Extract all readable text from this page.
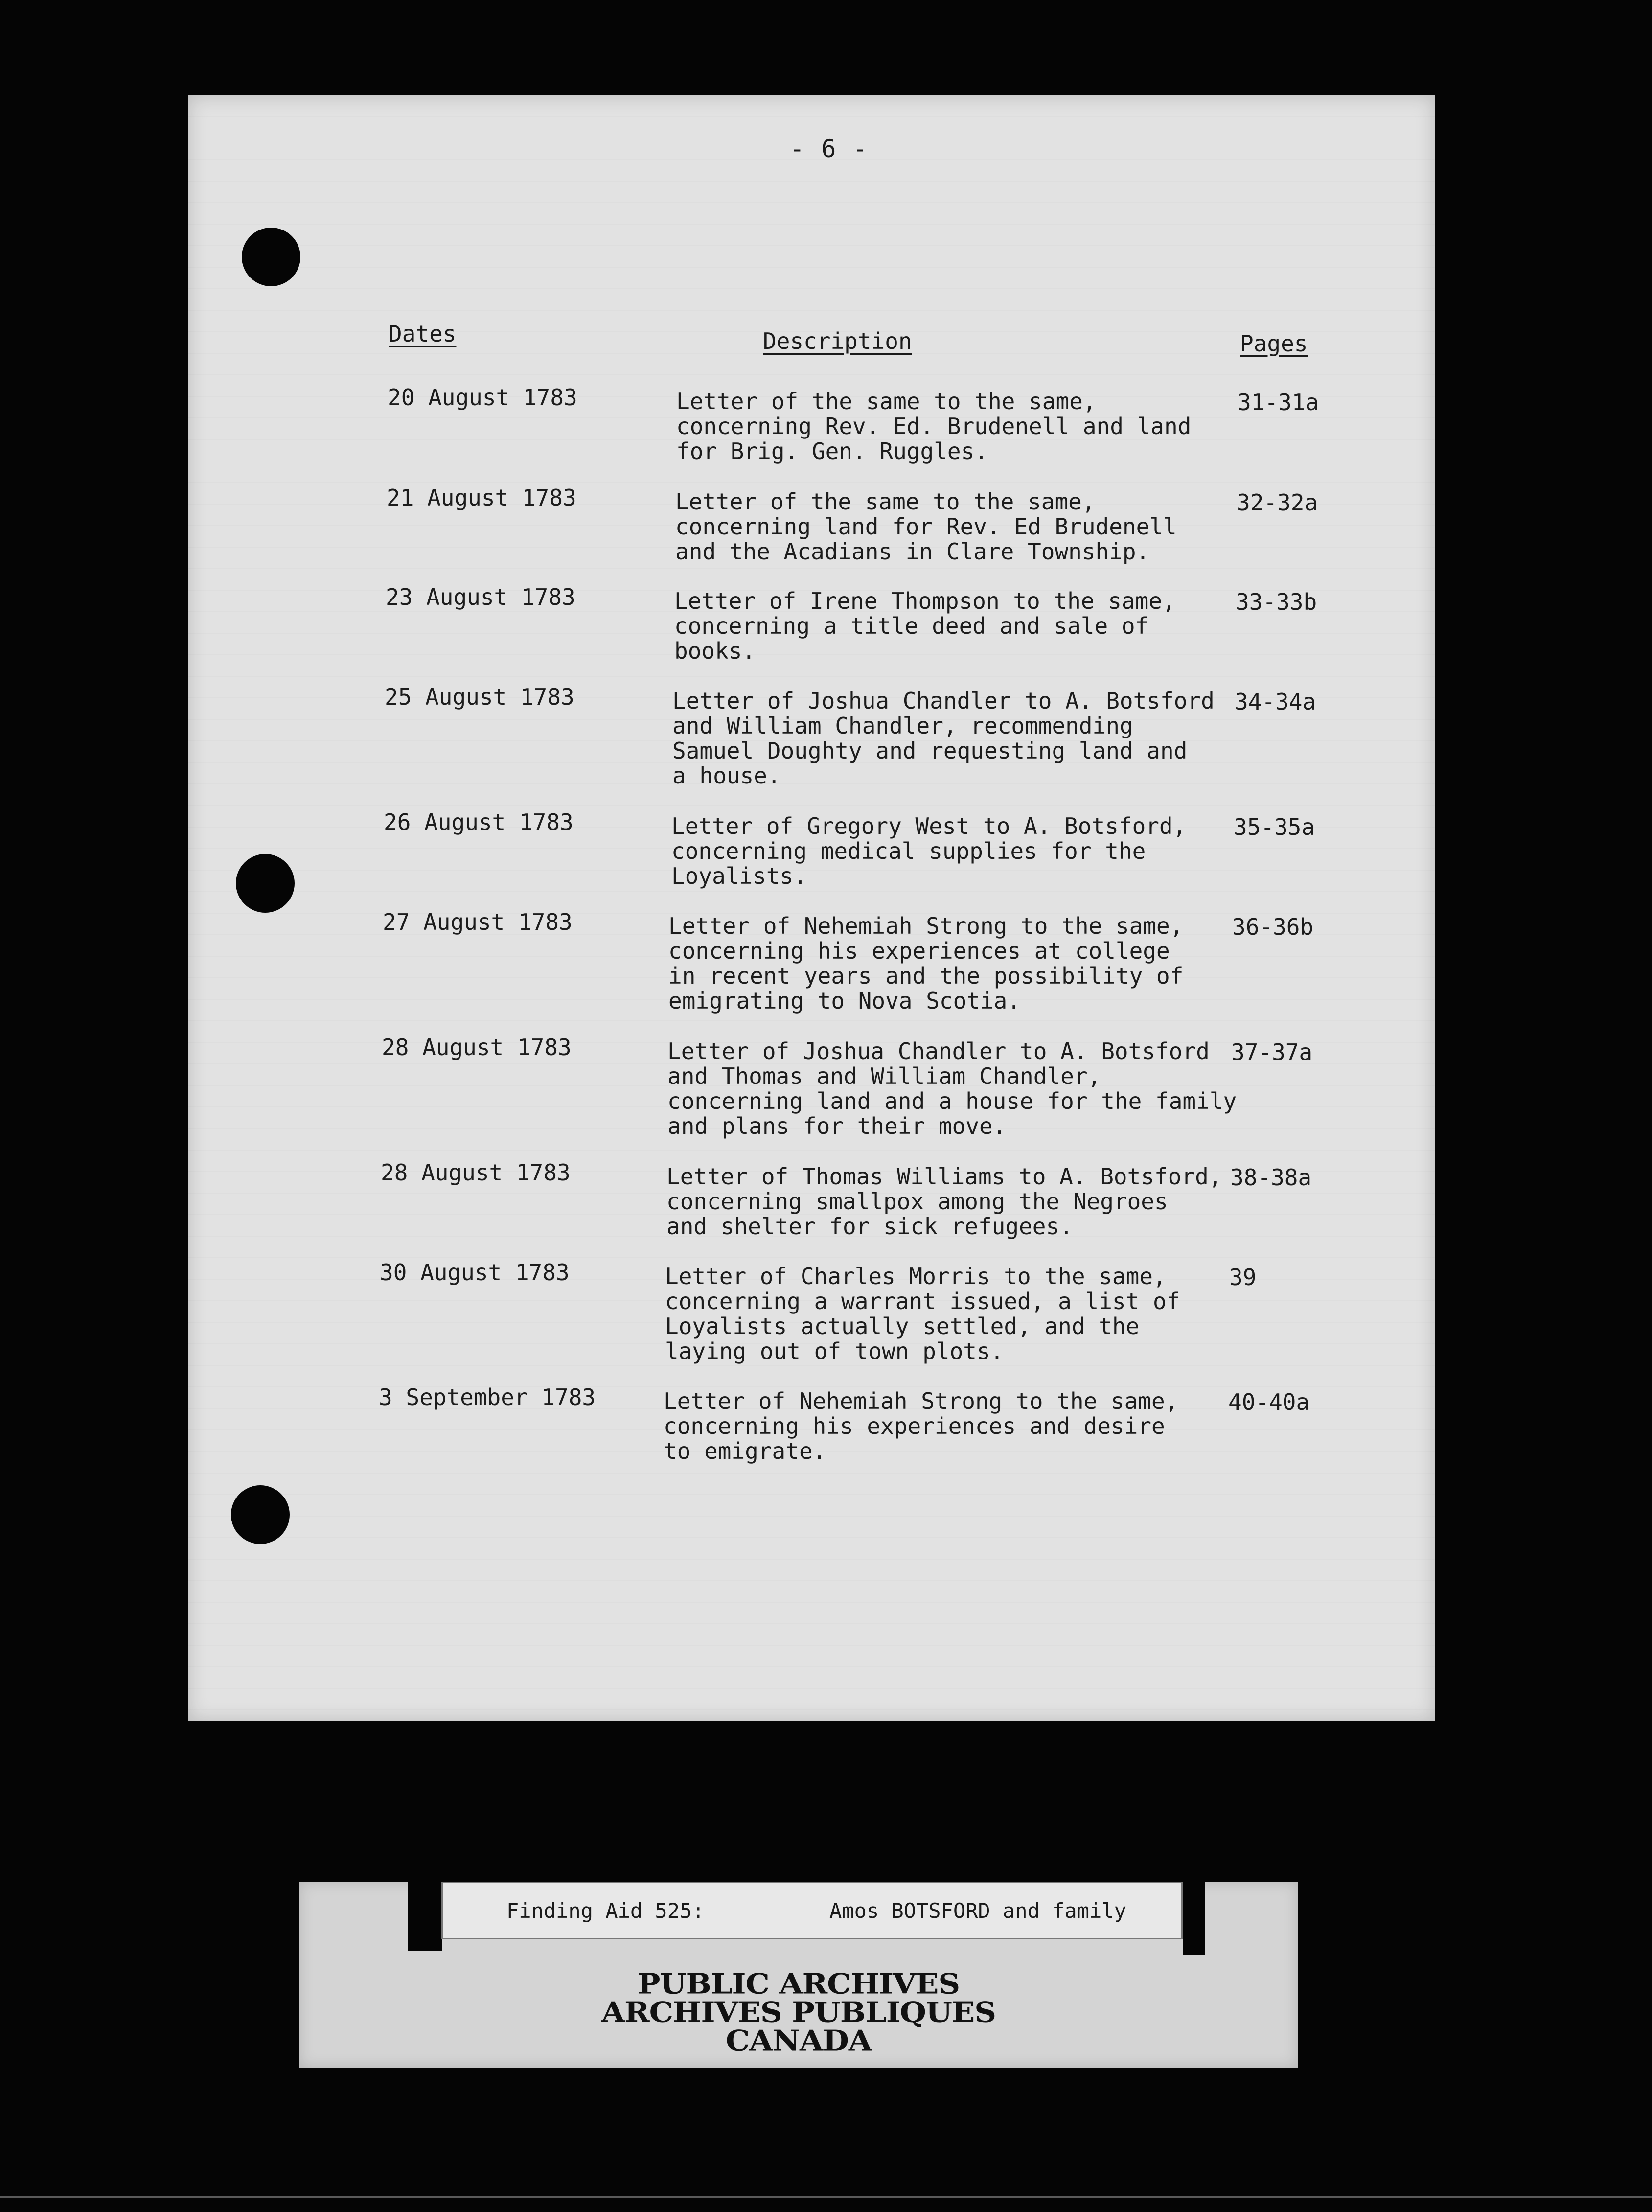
- 6 -
Dates	Description	Pages
20 August 1783	Letter of the same to the same,
concerning Rev. Ed. Brudenell and land
for Brig. Gen. Ruggles.
31-31a
21 August 1783	Letter of the same to the same,
concerning land for Rev. Ed Brudenell
and the Acadians in Clare Township.
32-32a
23 August 1783	Letter of Irene Thompson to the same,
concerning a title deed and sale of
books.
33-33b
25 August 1783	Letter of Joshua Chandler to A. Botsford
and William Chandler, recommending
Samuel Doughty and requesting land and
a house.
34-34a
26 August 1783	Letter of Gregory West to A. Botsford,
concerning medical supplies for the
Loyalists.
35-35a
27 August 1783	Letter of Nehemiah Strong to the same,
concerning his experiences at college
in recent years and the possibility of
emigrating to Nova Scotia.
36-36b
28 August 1783	Letter of Joshua Chandler to A. Botsford
and Thomas and William Chandler,
concerning land and a house for the family
and plans for their move.
37-37a
28 August 1783	Letter of Thomas Williams to A. Botsford,
concerning smallpox among the Negroes
and shelter for sick refugees.
38-38a
30 August 1783	Letter of Charles Morris to the same,
concerning a warrant issued, a list of
Loyalists actually settled, and the
laying out of town plots.
39
3 September 1783	Letter of Nehemiah Strong to the same,
concerning his experiences and desire
to emigrate.
40-40a
Finding Aid 525:	Amos BOTSFORD and family
PUBLIC ARCHIVES
ARCHIVES PUBLIQUES
CANADA
